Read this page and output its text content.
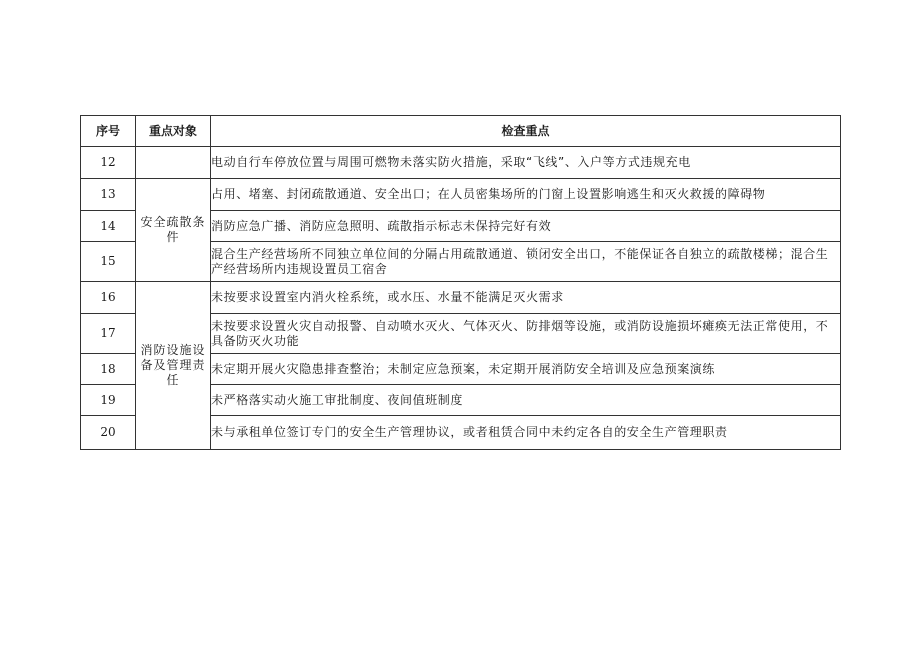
序号	重点对象	检查重点
12		电动自行车停放位置与周围可燃物未落实防火措施，采取“飞线”、入户等方式违规充电
13	安全疏散条件	占用、堵塞、封闭疏散通道、安全出口；在人员密集场所的门窗上设置影响逃生和灭火救援的障碍物
14		消防应急广播、消防应急照明、疏散指示标志未保持完好有效
15		混合生产经营场所不同独立单位间的分隔占用疏散通道、锁闭安全出口，不能保证各自独立的疏散楼梯；混合生产经营场所内违规设置员工宿舍
16	消防设施设备及管理责任	未按要求设置室内消火栓系统，或水压、水量不能满足灭火需求
17		未按要求设置火灾自动报警、自动喷水灭火、气体灭火、防排烟等设施，或消防设施损坏瘫痪无法正常使用，不具备防灭火功能
18		未定期开展火灾隐患排查整治；未制定应急预案，未定期开展消防安全培训及应急预案演练
19		未严格落实动火施工审批制度、夜间值班制度
20		未与承租单位签订专门的安全生产管理协议，或者租赁合同中未约定各自的安全生产管理职责
